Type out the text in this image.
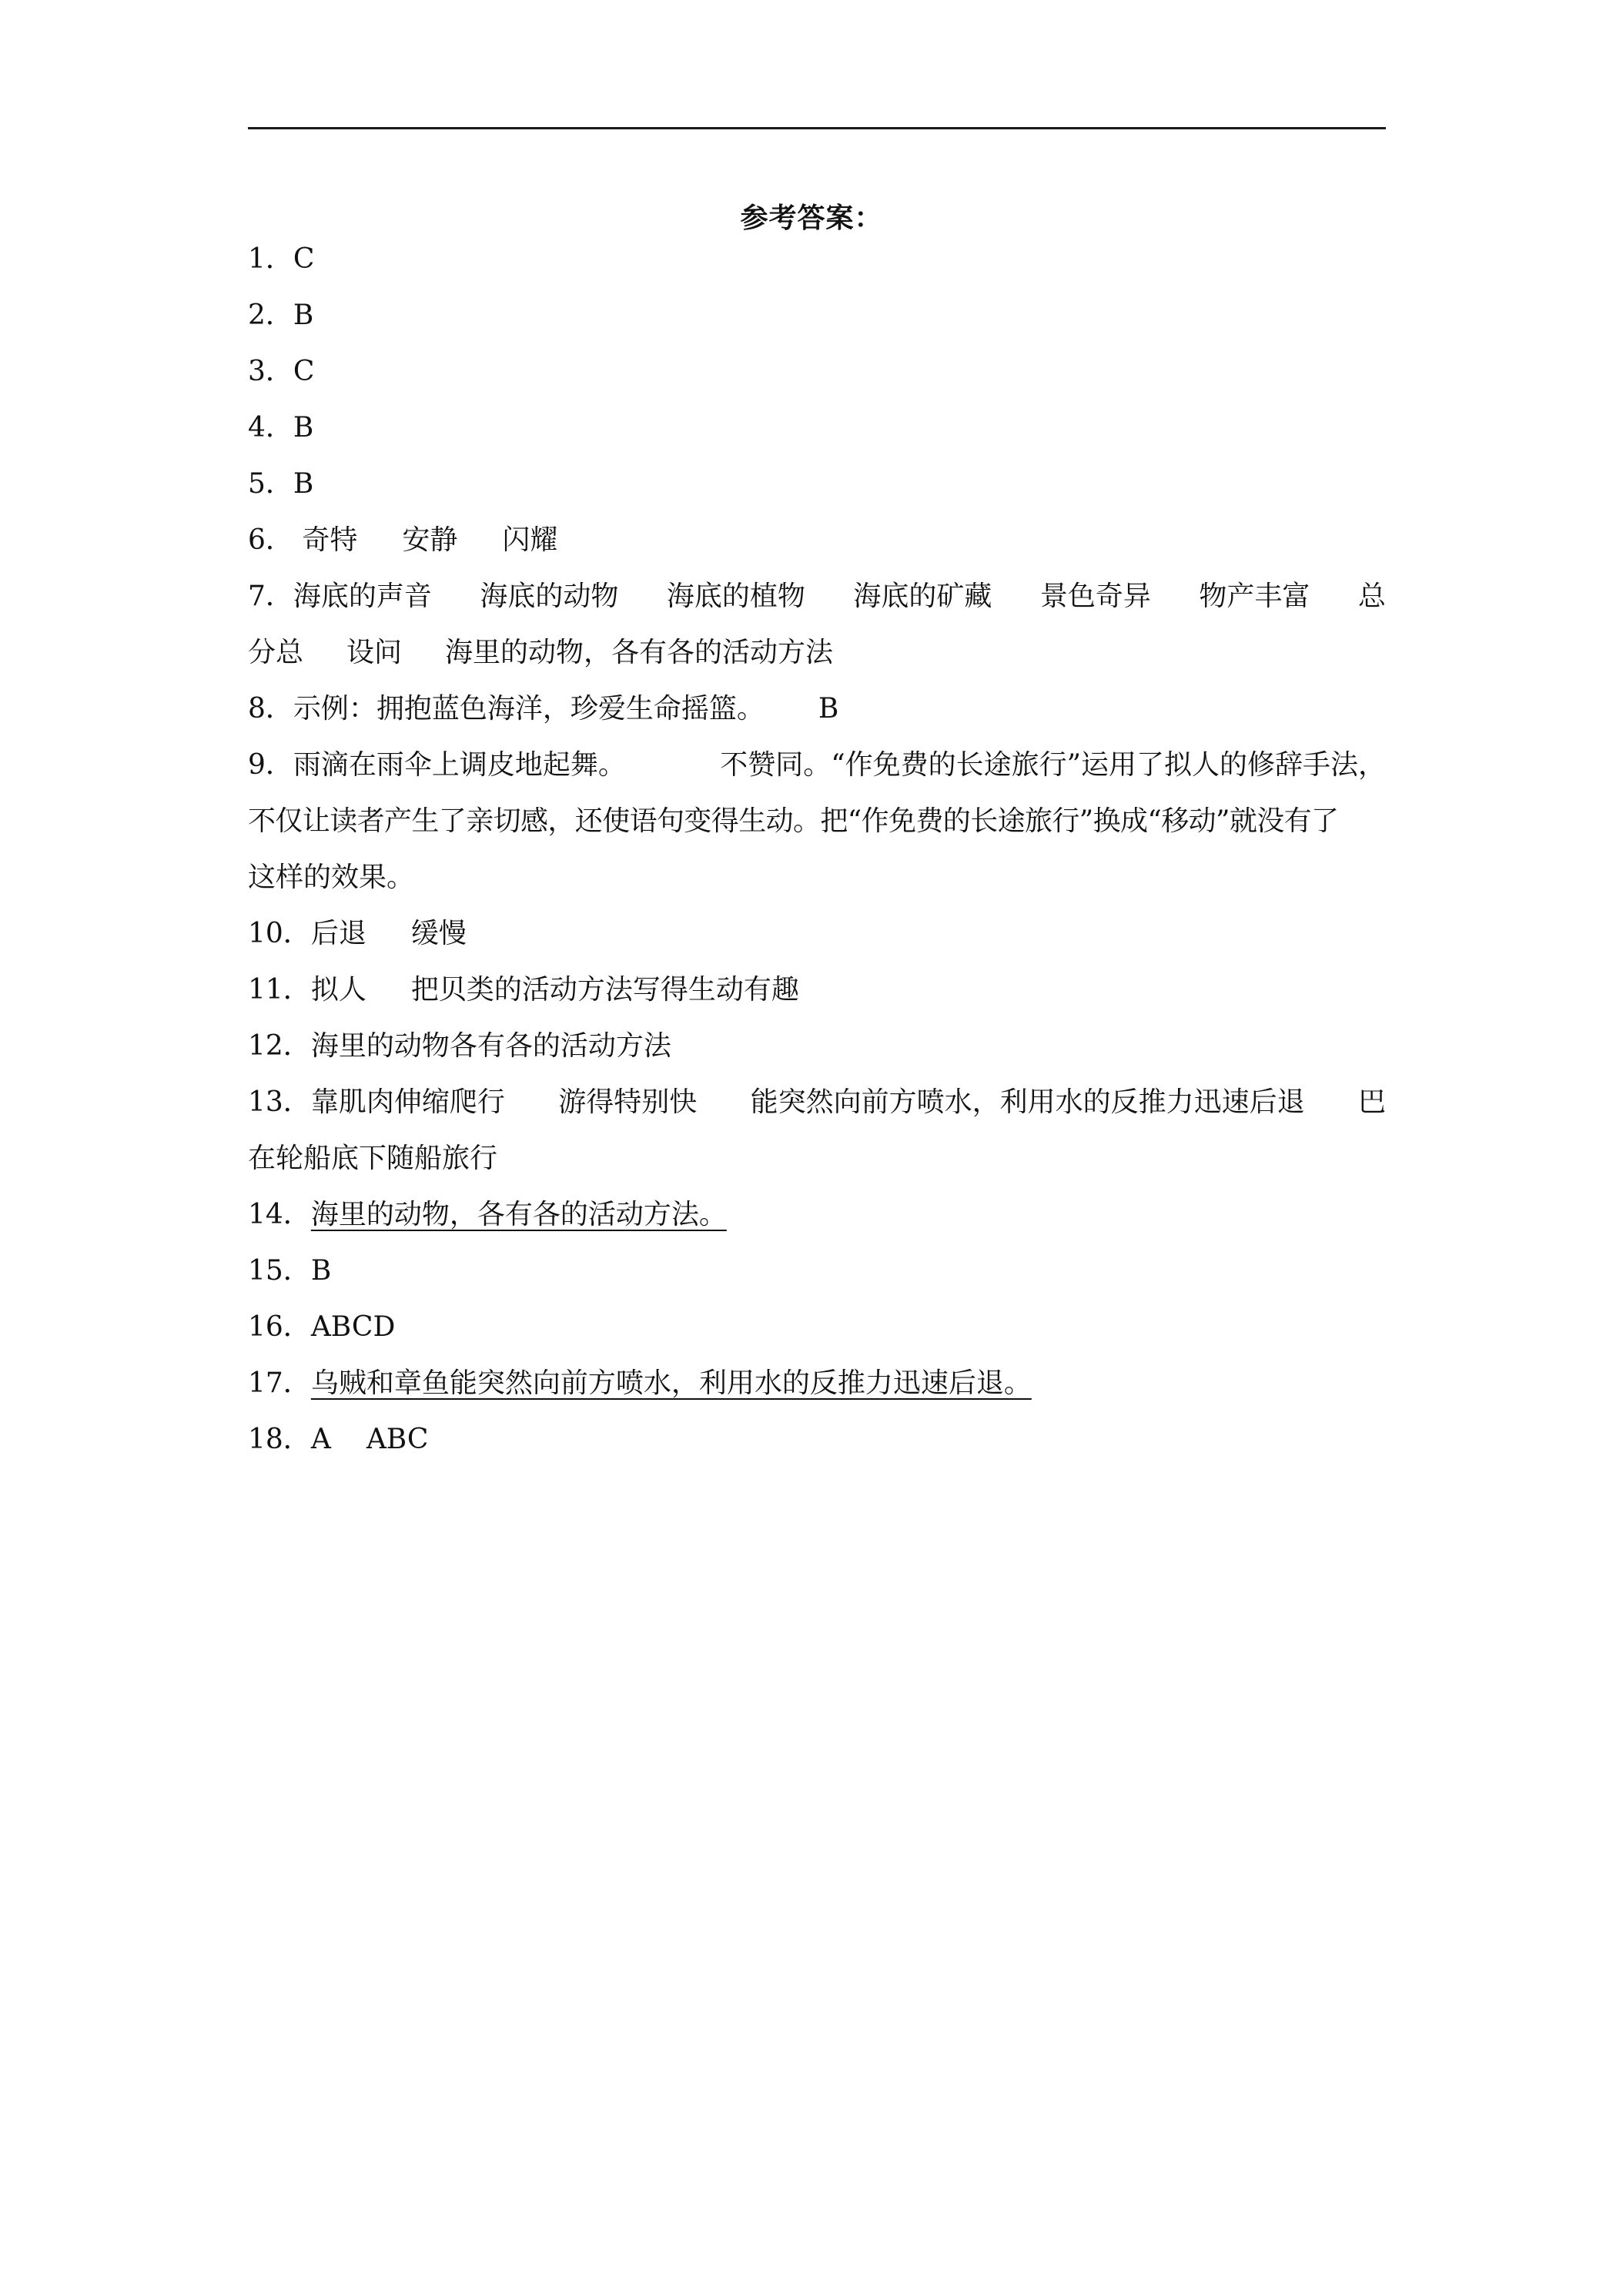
参考答案：
1．C
2．B
3．C
4．B
5．B
6． 奇特 安静 闪耀
7．海底的声音 海底的动物 海底的植物 海底的矿藏 景色奇异 物产丰富 总
分总 设问 海里的动物，各有各的活动方法
8．示例：拥抱蓝色海洋，珍爱生命摇篮。 B
9．雨滴在雨伞上调皮地起舞。	不赞同。“作免费的长途旅行”运用了拟人的修辞手法，
不仅让读者产生了亲切感，还使语句变得生动。把“作免费的长途旅行”换成“移动”就没有了
这样的效果。
10．后退 缓慢
11．拟人 把贝类的活动方法写得生动有趣
12．海里的动物各有各的活动方法
13．靠肌肉伸缩爬行 游得特别快 能突然向前方喷水，利用水的反推力迅速后退 巴
在轮船底下随船旅行
14．海里的动物，各有各的活动方法。
15．B
16．ABCD
17．乌贼和章鱼能突然向前方喷水，利用水的反推力迅速后退。
18．A ABC
